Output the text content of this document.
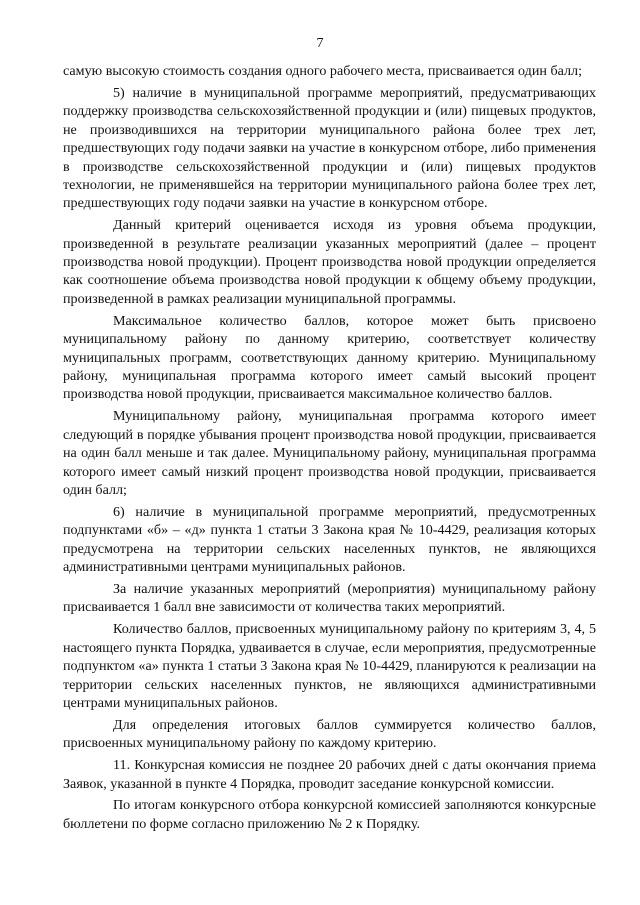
7

самую высокую стоимость создания одного рабочего места, присваивается один балл;

5) наличие в муниципальной программе мероприятий, предусматривающих поддержку производства сельскохозяйственной продукции и (или) пищевых продуктов, не производившихся на территории муниципального района более трех лет, предшествующих году подачи заявки на участие в конкурсном отборе, либо применения в производстве сельскохозяйственной продукции и (или) пищевых продуктов технологии, не применявшейся на территории муниципального района более трех лет, предшествующих году подачи заявки на участие в конкурсном отборе.

Данный критерий оценивается исходя из уровня объема продукции, произведенной в результате реализации указанных мероприятий (далее – процент производства новой продукции). Процент производства новой продукции определяется как соотношение объема производства новой продукции к общему объему продукции, произведенной в рамках реализации муниципальной программы.

Максимальное количество баллов, которое может быть присвоено муниципальному району по данному критерию, соответствует количеству муниципальных программ, соответствующих данному критерию. Муниципальному району, муниципальная программа которого имеет самый высокий процент производства новой продукции, присваивается максимальное количество баллов.

Муниципальному району, муниципальная программа которого имеет следующий в порядке убывания процент производства новой продукции, присваивается на один балл меньше и так далее. Муниципальному району, муниципальная программа которого имеет самый низкий процент производства новой продукции, присваивается один балл;

6) наличие в муниципальной программе мероприятий, предусмотренных подпунктами «б» – «д» пункта 1 статьи 3 Закона края № 10-4429, реализация которых предусмотрена на территории сельских населенных пунктов, не являющихся административными центрами муниципальных районов.

За наличие указанных мероприятий (мероприятия) муниципальному району присваивается 1 балл вне зависимости от количества таких мероприятий.

Количество баллов, присвоенных муниципальному району по критериям 3, 4, 5 настоящего пункта Порядка, удваивается в случае, если мероприятия, предусмотренные подпунктом «а» пункта 1 статьи 3 Закона края № 10-4429, планируются к реализации на территории сельских населенных пунктов, не являющихся административными центрами муниципальных районов.

Для определения итоговых баллов суммируется количество баллов, присвоенных муниципальному району по каждому критерию.

11. Конкурсная комиссия не позднее 20 рабочих дней с даты окончания приема Заявок, указанной в пункте 4 Порядка, проводит заседание конкурсной комиссии.

По итогам конкурсного отбора конкурсной комиссией заполняются конкурсные бюллетени по форме согласно приложению № 2 к Порядку.
